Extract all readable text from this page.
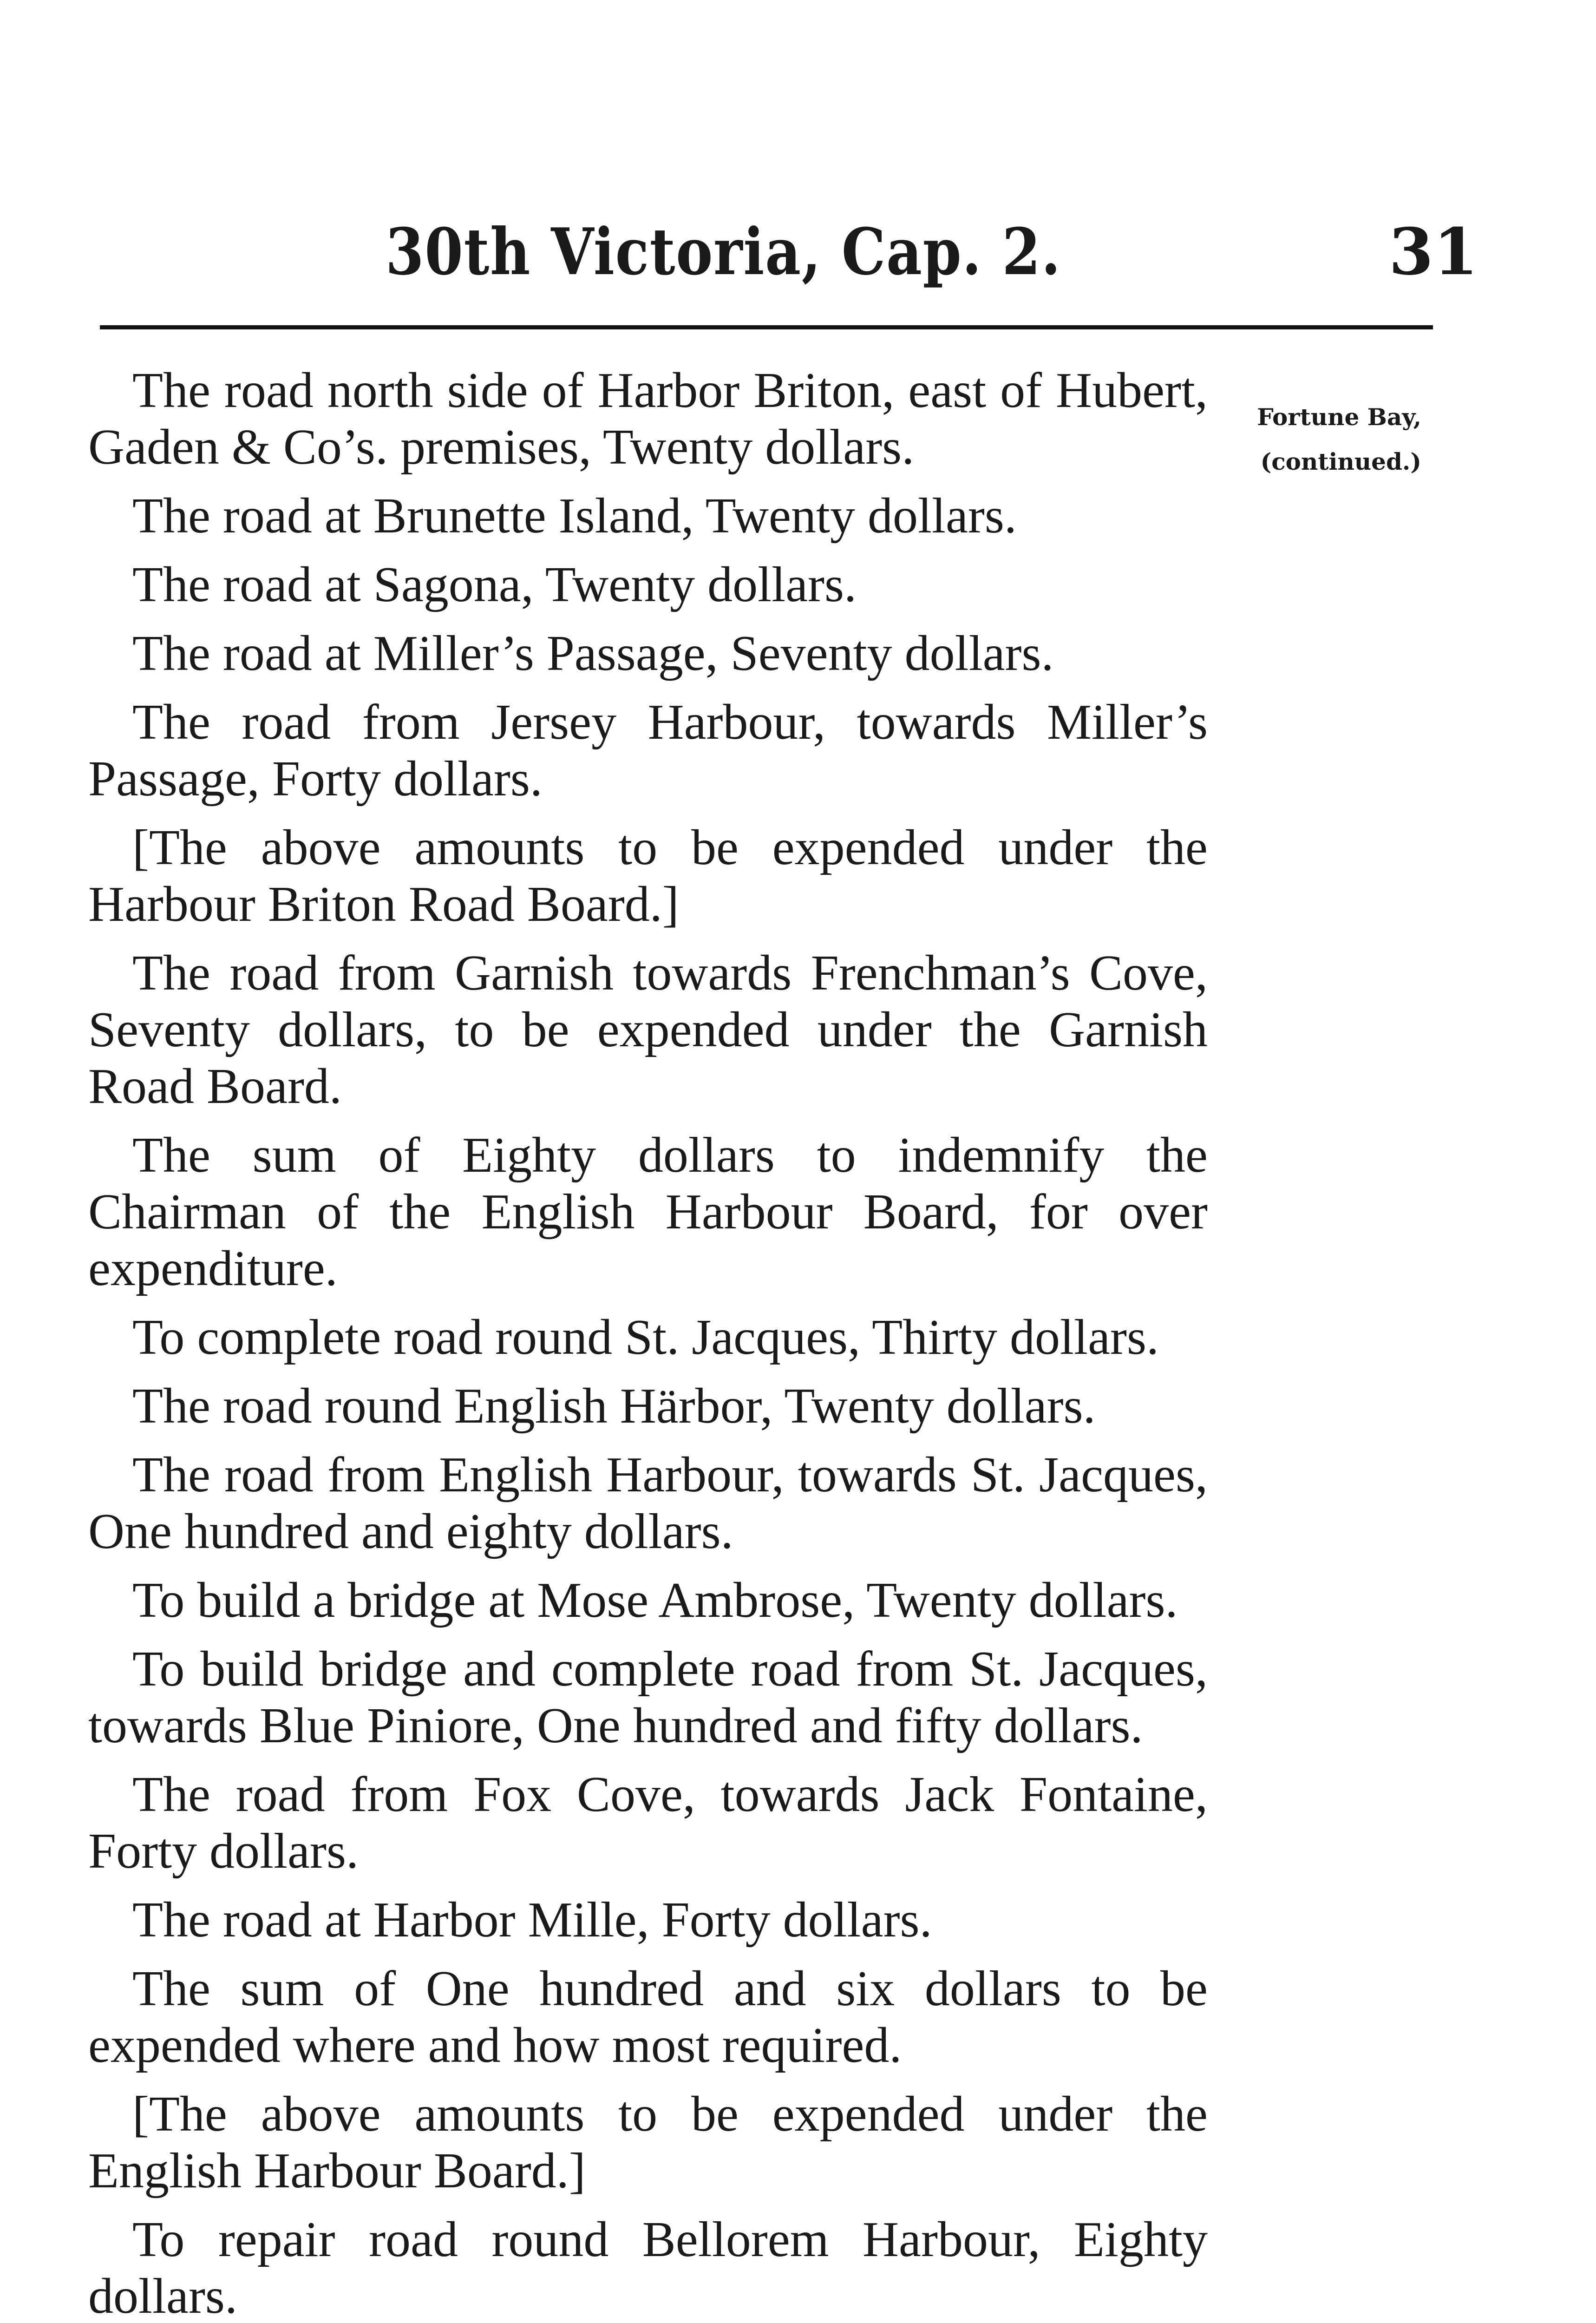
30th Victoria, Cap. 2.	31
Fortune Bay,
(continued.)

The road north side of Harbor Briton, east of Hubert, Gaden & Co’s. premises, Twenty dollars.

The road at Brunette Island, Twenty dollars.

The road at Sagona, Twenty dollars.

The road at Miller’s Passage, Seventy dollars.

The road from Jersey Harbour, towards Miller’s Passage, Forty dollars.

[The above amounts to be expended under the Harbour Briton Road Board.]

The road from Garnish towards Frenchman’s Cove, Seventy dollars, to be expended under the Garnish Road Board.

The sum of Eighty dollars to indemnify the Chairman of the English Harbour Board, for over expenditure.

To complete road round St. Jacques, Thirty dollars.

The road round English Härbor, Twenty dollars.

The road from English Harbour, towards St. Jacques, One hundred and eighty dollars.

To build a bridge at Mose Ambrose, Twenty dollars.

To build bridge and complete road from St. Jacques, towards Blue Piniore, One hundred and fifty dollars.

The road from Fox Cove, towards Jack Fontaine, Forty dollars.

The road at Harbor Mille, Forty dollars.

The sum of One hundred and six dollars to be expended where and how most required.

[The above amounts to be expended under the English Harbour Board.]

To repair road round Bellorem Harbour, Eighty dollars.
